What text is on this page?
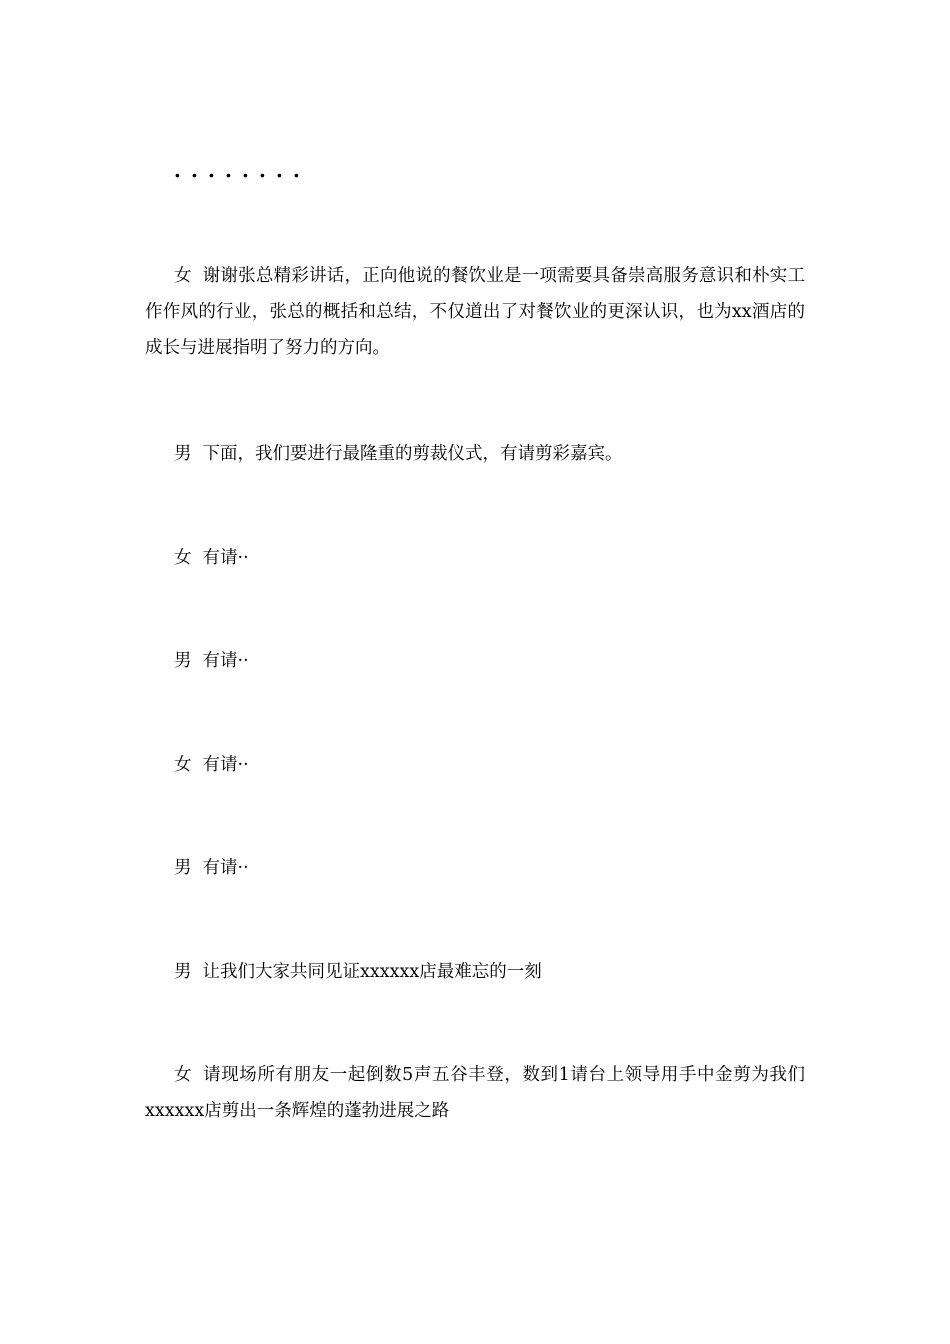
．．．．．．．．
女 谢谢张总精彩讲话，正向他说的餐饮业是一项需要具备崇高服务意识和朴实工作作风的行业，张总的概括和总结，不仅道出了对餐饮业的更深认识，也为xx酒店的成长与进展指明了努力的方向。
男 下面，我们要进行最隆重的剪裁仪式，有请剪彩嘉宾。
女 有请··
男 有请··
女 有请··
男 有请··
男 让我们大家共同见证xxxxxx店最难忘的一刻
女 请现场所有朋友一起倒数5声五谷丰登，数到1请台上领导用手中金剪为我们xxxxxx店剪出一条辉煌的蓬勃进展之路
